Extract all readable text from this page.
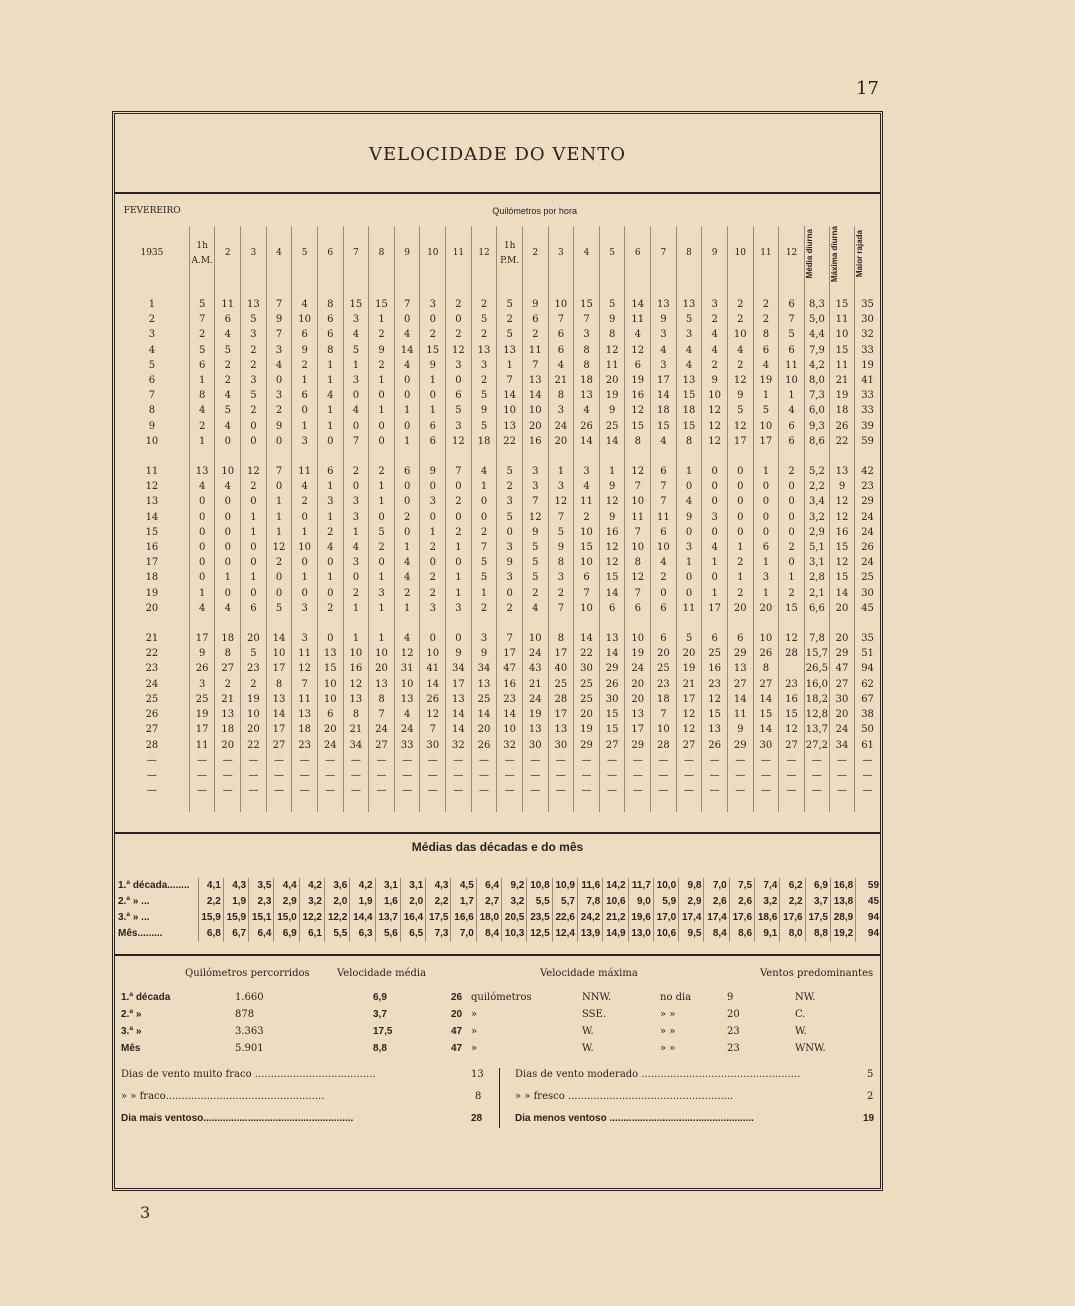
17
3
VELOCIDADE DO VENTO
FEVEREIRO	Quilómetros por hora																										
1935	1h A.M.	2	3	4	5	6	7	8	9	10	11	12	1h P.M.	2	3	4	5	6	7	8	9	10	11	12	Média diurna	Máxima diurna	Maior rajada

1	5	11	13	7	4	8	15	15	7	3	2	2	5	9	10	15	5	14	13	13	3	2	2	6	8,3	15	35
2	7	6	5	9	10	6	3	1	0	0	0	5	2	6	7	7	9	11	9	5	2	2	2	7	5,0	11	30
3	2	4	3	7	6	6	4	2	4	2	2	2	5	2	6	3	8	4	3	3	4	10	8	5	4,4	10	32
4	5	5	2	3	9	8	5	9	14	15	12	13	13	11	6	8	12	12	4	4	4	4	6	6	7,9	15	33
5	6	2	2	4	2	1	1	2	4	9	3	3	1	7	4	8	11	6	3	4	2	2	4	11	4,2	11	19
6	1	2	3	0	1	1	3	1	0	1	0	2	7	13	21	18	20	19	17	13	9	12	19	10	8,0	21	41
7	8	4	5	3	6	4	0	0	0	0	6	5	14	14	8	13	19	16	14	15	10	9	1	1	7,3	19	33
8	4	5	2	2	0	1	4	1	1	1	5	9	10	10	3	4	9	12	18	18	12	5	5	4	6,0	18	33
9	2	4	0	9	1	1	0	0	0	6	3	5	13	20	24	26	25	15	15	15	12	12	10	6	9,3	26	39
10	1	0	0	0	3	0	7	0	1	6	12	18	22	16	20	14	14	8	4	8	12	17	17	6	8,6	22	59

11	13	10	12	7	11	6	2	2	6	9	7	4	5	3	1	3	1	12	6	1	0	0	1	2	5,2	13	42
12	4	4	2	0	4	1	0	1	0	0	0	1	2	3	3	4	9	7	7	0	0	0	0	0	2,2	9	23
13	0	0	0	1	2	3	3	1	0	3	2	0	3	7	12	11	12	10	7	4	0	0	0	0	3,4	12	29
14	0	0	1	1	0	1	3	0	2	0	0	0	5	12	7	2	9	11	11	9	3	0	0	0	3,2	12	24
15	0	0	1	1	1	2	1	5	0	1	2	2	0	9	5	10	16	7	6	0	0	0	0	0	2,9	16	24
16	0	0	0	12	10	4	4	2	1	2	1	7	3	5	9	15	12	10	10	3	4	1	6	2	5,1	15	26
17	0	0	0	2	0	0	3	0	4	0	0	5	9	5	8	10	12	8	4	1	1	2	1	0	3,1	12	24
18	0	1	1	0	1	1	0	1	4	2	1	5	3	5	3	6	15	12	2	0	0	1	3	1	2,8	15	25
19	1	0	0	0	0	0	2	3	2	2	1	1	0	2	2	7	14	7	0	0	1	2	1	2	2,1	14	30
20	4	4	6	5	3	2	1	1	1	3	3	2	2	4	7	10	6	6	6	11	17	20	20	15	6,6	20	45

21	17	18	20	14	3	0	1	1	4	0	0	3	7	10	8	14	13	10	6	5	6	6	10	12	7,8	20	35
22	9	8	5	10	11	13	10	10	12	10	9	9	17	24	17	22	14	19	20	20	25	29	26	28	15,7	29	51
23	26	27	23	17	12	15	16	20	31	41	34	34	47	43	40	30	29	24	25	19	16	13	8		26,5	47	94
24	3	2	2	8	7	10	12	13	10	14	17	13	16	21	25	25	26	20	23	21	23	27	27	23	16,0	27	62
25	25	21	19	13	11	10	13	8	13	26	13	25	23	24	28	25	30	20	18	17	12	14	14	16	18,2	30	67
26	19	13	10	14	13	6	8	7	4	12	14	14	14	19	17	20	15	13	7	12	15	11	15	15	12,8	20	38
27	17	18	20	17	18	20	21	24	24	7	14	20	10	13	13	19	15	17	10	12	13	9	14	12	13,7	24	50
28	11	20	22	27	23	24	34	27	33	30	32	26	32	30	30	29	27	29	28	27	26	29	30	27	27,2	34	61
—	—	—	—	—	—	—	—	—	—	—	—	—	—	—	—	—	—	—	—	—	—	—	—	—	—	—	—
—	—	—	—	—	—	—	—	—	—	—	—	—	—	—	—	—	—	—	—	—	—	—	—	—	—	—	—
—	—	—	—	—	—	—	—	—	—	—	—	—	—	—	—	—	—	—	—	—	—	—	—	—	—	—	—

Médias das décadas e do mês
1.ª década........	4,1	4,3	3,5	4,4	4,2	3,6	4,2	3,1	3,1	4,3	4,5	6,4	9,2	10,8	10,9	11,6	14,2	11,7	10,0	9,8	7,0	7,5	7,4	6,2	6,9	16,8	59
2.ª » ...	2,2	1,9	2,3	2,9	3,2	2,0	1,9	1,6	2,0	2,2	1,7	2,7	3,2	5,5	5,7	7,8	10,6	9,0	5,9	2,9	2,6	2,6	3,2	2,2	3,7	13,8	45
3.ª » ...	15,9	15,9	15,1	15,0	12,2	12,2	14,4	13,7	16,4	17,5	16,6	18,0	20,5	23,5	22,6	24,2	21,2	19,6	17,0	17,4	17,4	17,6	18,6	17,6	17,5	28,9	94
Mês.........	6,8	6,7	6,4	6,9	6,1	5,5	6,3	5,6	6,5	7,3	7,0	8,4	10,3	12,5	12,4	13,9	14,9	13,0	10,6	9,5	8,4	8,6	9,1	8,0	8,8	19,2	94
Quilómetros percorridos	Velocidade média	Velocidade máxima	Ventos predominantes
1.ª década	1.660	6,9	26 quilómetros	NNW.	no dia	9	NW.
2.ª »	878	3,7	20 »	SSE.	» »	20	C.
3.ª »	3.363	17,5	47 »	W.	» »	23	W.
Mês	5.901	8,8	47 »	W.	» »	23	WNW.
Dias de vento muito fraco ......................................	13
» » fraco..................................................	8
Dia mais ventoso......................................................	28
Dias de vento moderado ..................................................	5
» » fresco ....................................................	2
Dia menos ventoso ....................................................	19
